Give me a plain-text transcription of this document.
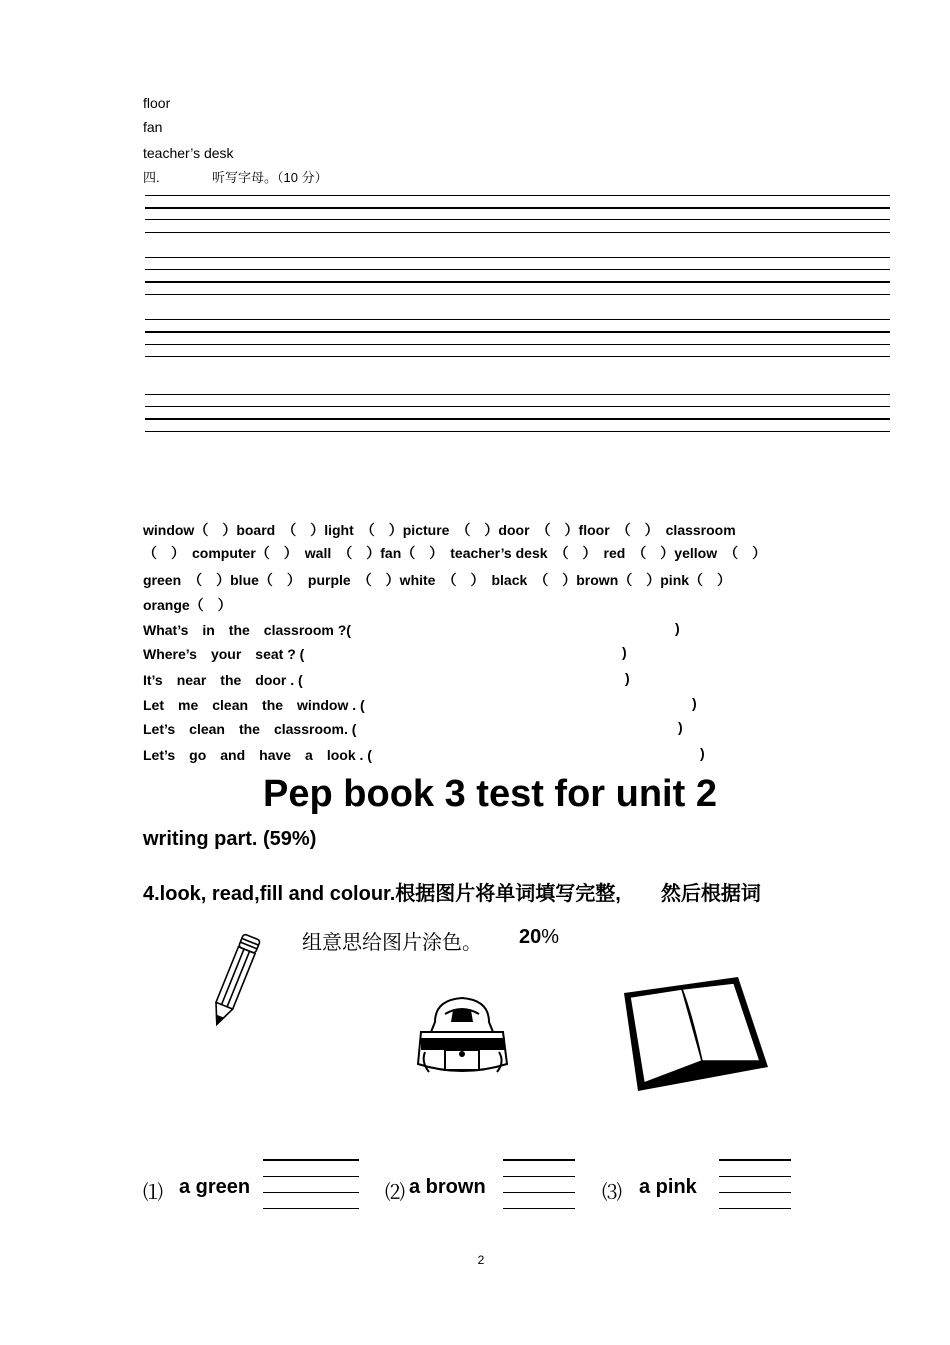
floor
fan
teacher’s desk
四.	听写字母。（10 分）
window（　）board　（　）light　（　）picture　（　）door　（　）floor　（　）　classroom
（　）　computer（　）　wall　（　）fan（　）　teacher’s desk　（　）　red　（　）yellow　（　）
green　（　）blue（　）　purple　（　）white　（　）　black　（　）brown（　）pink（　）
orange（　）
What’s　in　the　classroom ?(	)
Where’s　your　seat ? (	)
It’s　near　the　door . (	)
Let　me　clean　the　window . (	)
Let’s　clean　the　classroom. (	)
Let’s　go　and　have　a　look . (	)
Pep book 3 test for unit 2
writing part. (59%)
4.look, read,fill and colour.根据图片将单词填写完整,　　然后根据词
组意思给图片涂色。 20%
⑴ a green	⑵ a brown	⑶ a pink
2
